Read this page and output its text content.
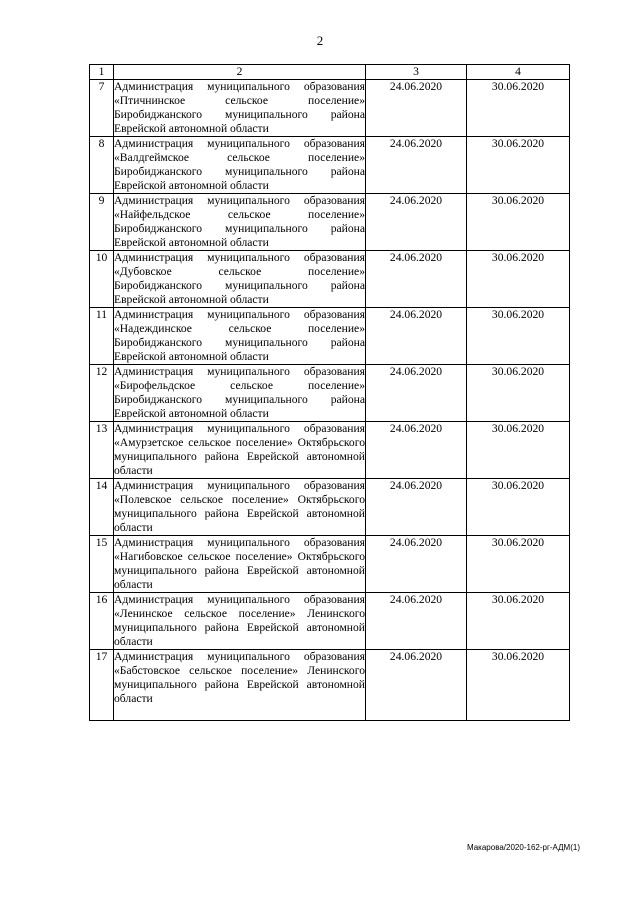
2
1	2	3	4
7	Администрация муниципального образования «Птичнинское сельское поселение» Биробиджанского муниципального района Еврейской автономной области	24.06.2020	30.06.2020
8	Администрация муниципального образования «Валдгеймское сельское поселение» Биробиджанского муниципального района Еврейской автономной области	24.06.2020	30.06.2020
9	Администрация муниципального образования «Найфельдское сельское поселение» Биробиджанского муниципального района Еврейской автономной области	24.06.2020	30.06.2020
10	Администрация муниципального образования «Дубовское сельское поселение» Биробиджанского муниципального района Еврейской автономной области	24.06.2020	30.06.2020
11	Администрация муниципального образования «Надеждинское сельское поселение» Биробиджанского муниципального района Еврейской автономной области	24.06.2020	30.06.2020
12	Администрация муниципального образования «Бирофельдское сельское поселение» Биробиджанского муниципального района Еврейской автономной области	24.06.2020	30.06.2020
13	Администрация муниципального образования «Амурзетское сельское поселение» Октябрьского муниципального района Еврейской автономной области	24.06.2020	30.06.2020
14	Администрация муниципального образования «Полевское сельское поселение» Октябрьского муниципального района Еврейской автономной области	24.06.2020	30.06.2020
15	Администрация муниципального образования «Нагибовское сельское поселение» Октябрьского муниципального района Еврейской автономной области	24.06.2020	30.06.2020
16	Администрация муниципального образования «Ленинское сельское поселение» Ленинского муниципального района Еврейской автономной области	24.06.2020	30.06.2020
17	Администрация муниципального образования «Бабстовское сельское поселение» Ленинского муниципального района Еврейской автономной области	24.06.2020	30.06.2020
Макарова/2020-162-рг-АДМ(1)
